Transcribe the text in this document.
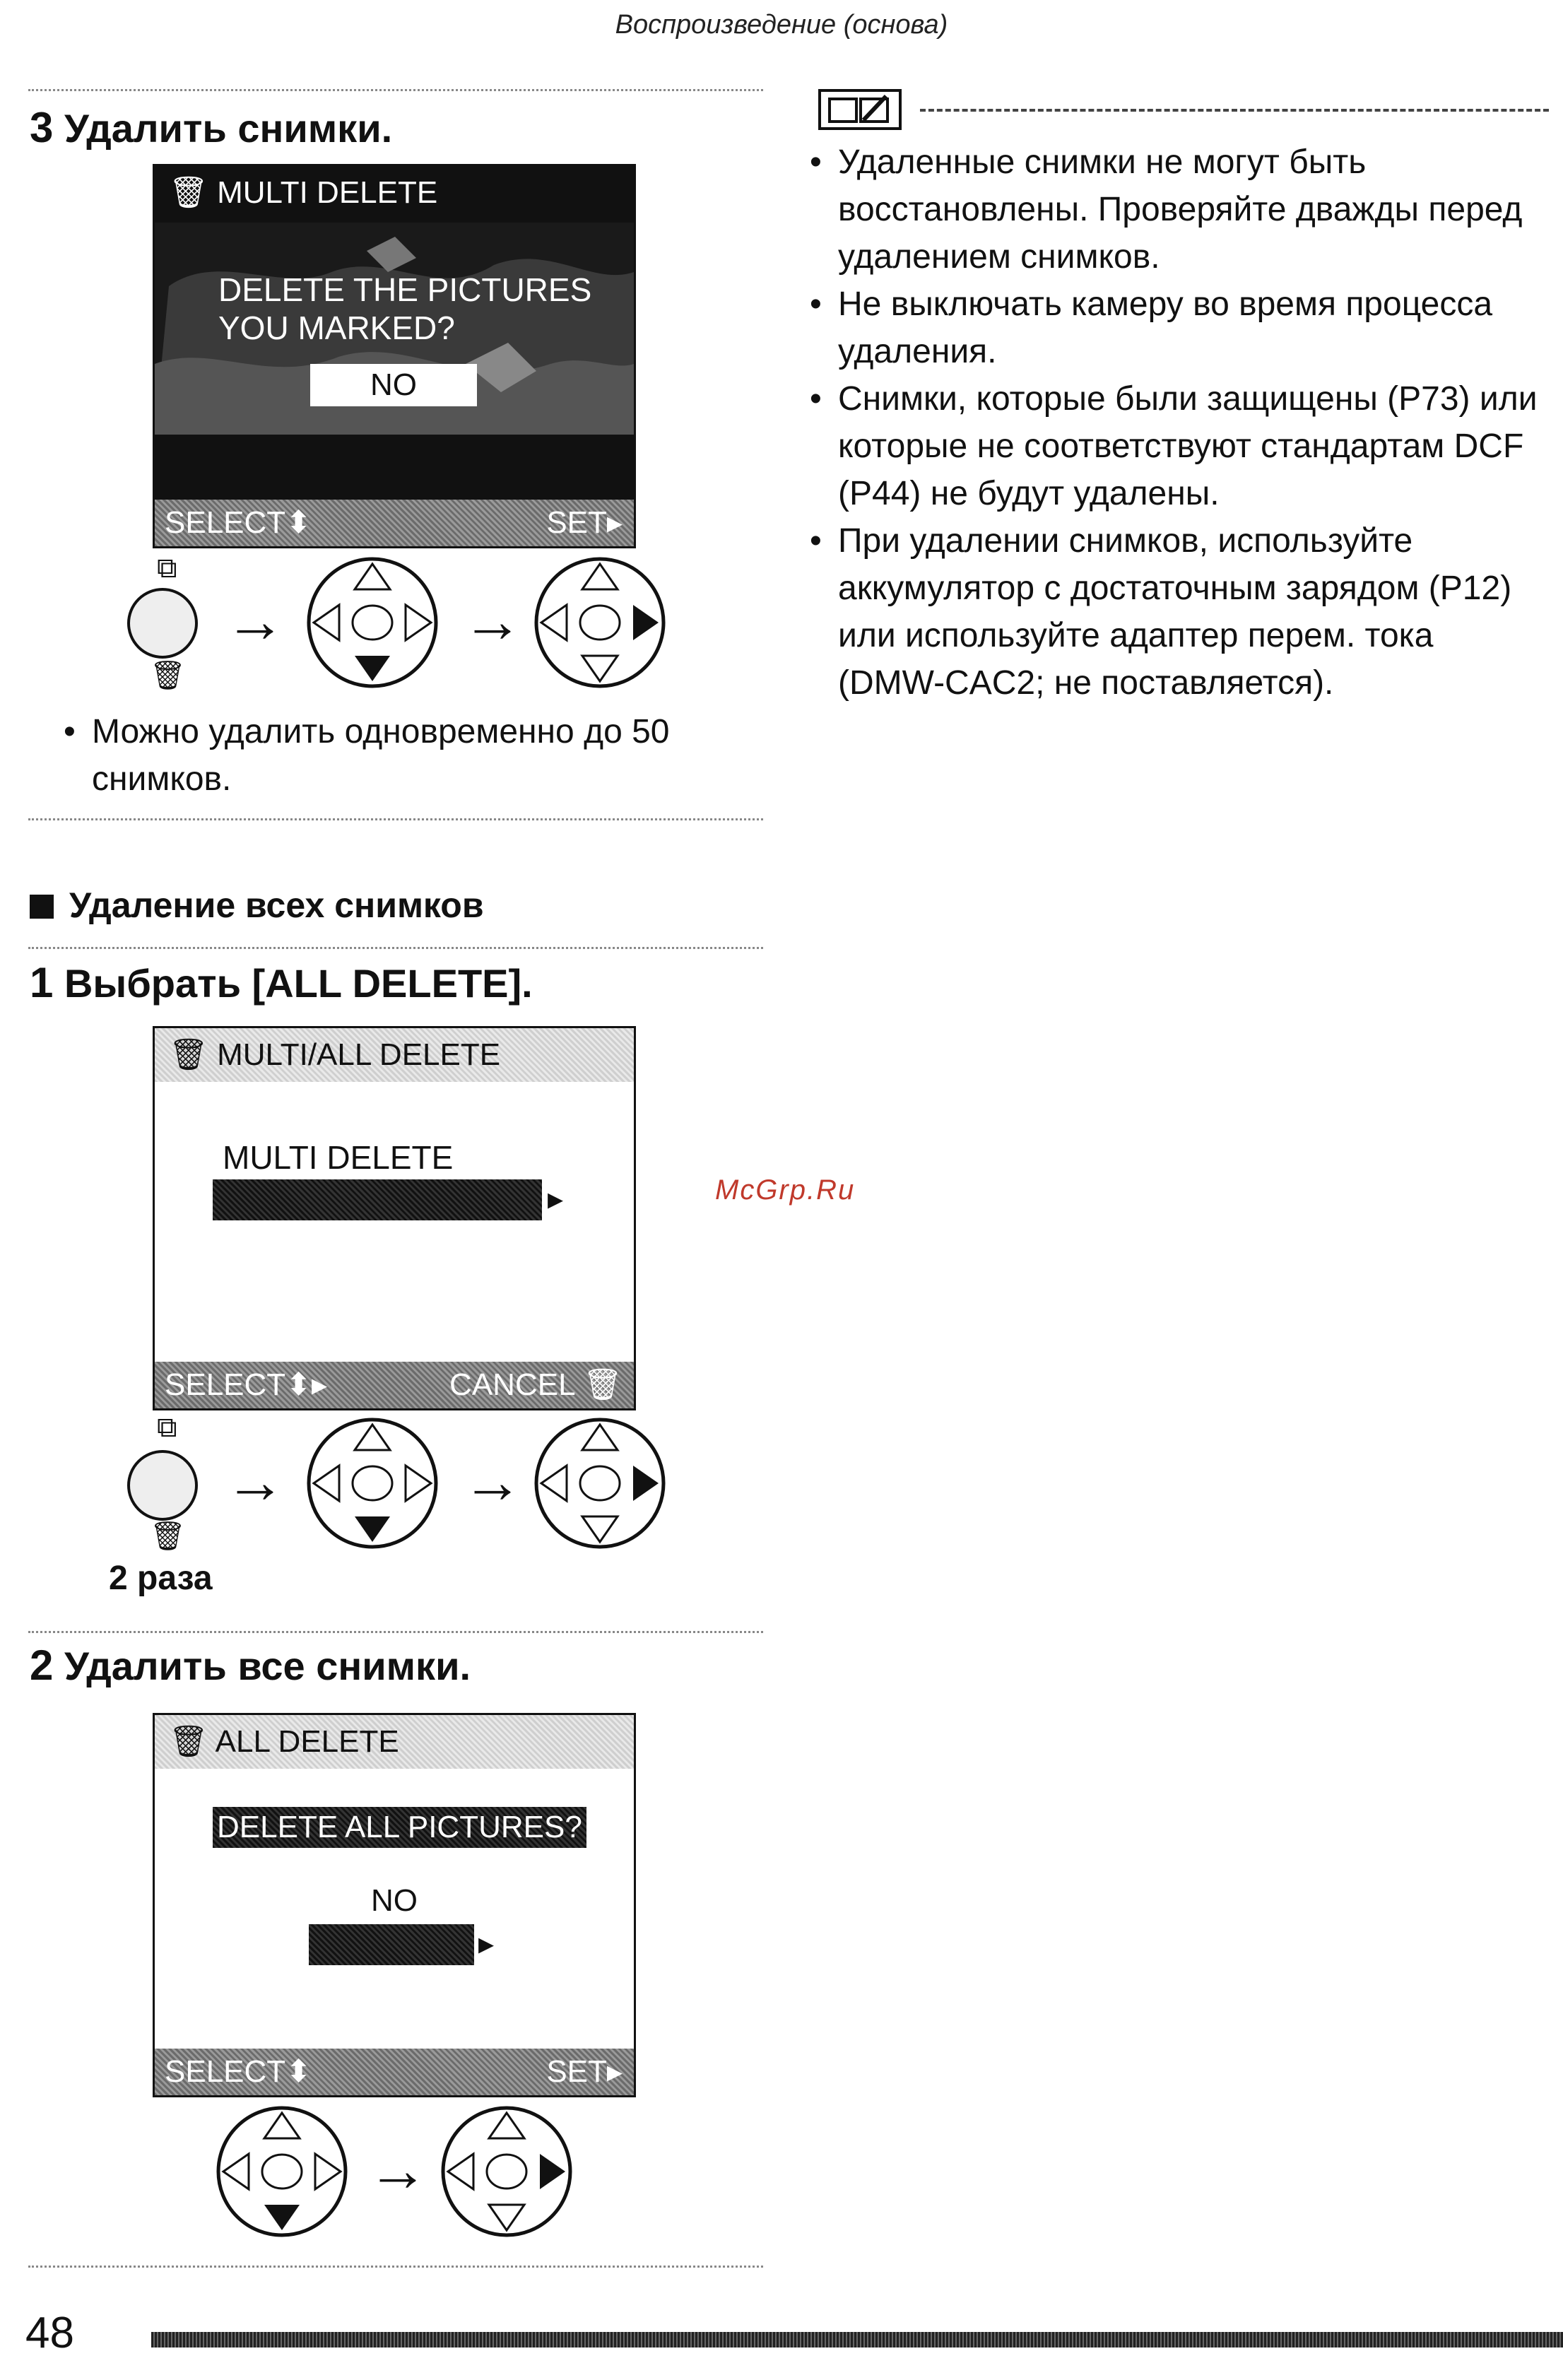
Воспроизведение (основа)
3 Удалить снимки.
🗑 MULTI DELETE
DELETE THE PICTURES
YOU MARKED?
NO
SELECT⬍	SET▸
⧉
🗑
→	→
• Можно удалить одновременно до 50 снимков.
• Удаленные снимки не могут быть восстановлены. Проверяйте дважды перед удалением снимков.
• Не выключать камеру во время процесса удаления.
• Снимки, которые были защищены (P73) или которые не соответствуют стандартам DCF (P44) не будут удалены.
• При удалении снимков, используйте аккумулятор с достаточным зарядом (P12) или используйте адаптер перем. тока (DMW-CAC2; не поставляется).
Удаление всех снимков
1 Выбрать [ALL DELETE].
🗑 MULTI/ALL DELETE
MULTI DELETE
▸
SELECT⬍▸	CANCEL 🗑
⧉
🗑
2 раза
→	→
McGrp.Ru
2 Удалить все снимки.
🗑 ALL DELETE
DELETE ALL PICTURES?
NO
▸
SELECT⬍	SET▸
→
48
